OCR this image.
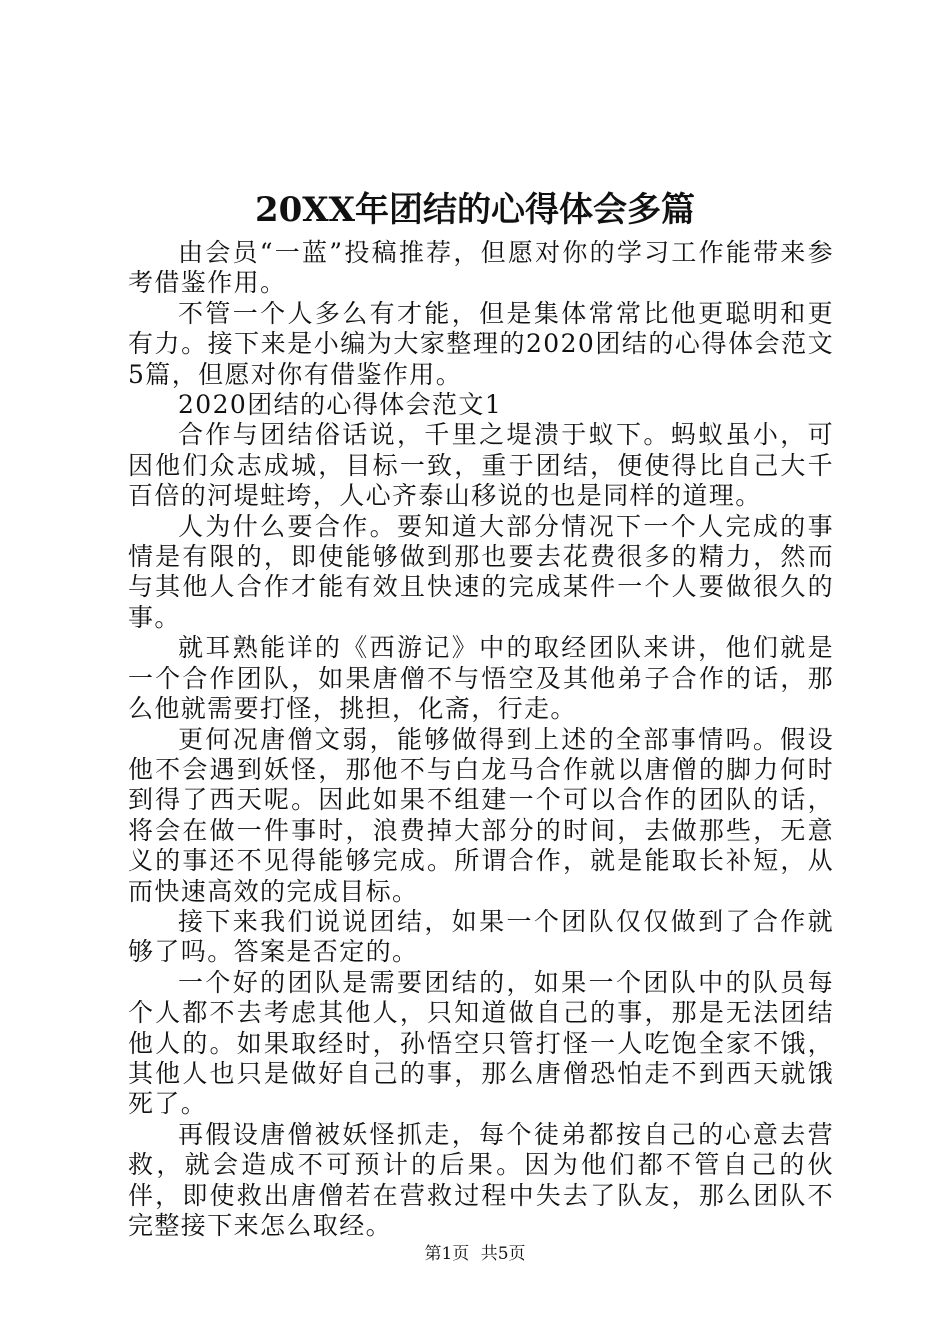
20XX年团结的心得体会多篇

由会员“一蓝”投稿推荐，但愿对你的学习工作能带来参考借鉴作用。

不管一个人多么有才能，但是集体常常比他更聪明和更有力。接下来是小编为大家整理的2020团结的心得体会范文5篇，但愿对你有借鉴作用。

2020团结的心得体会范文1

合作与团结俗话说，千里之堤溃于蚁下。蚂蚁虽小，可因他们众志成城，目标一致，重于团结，便使得比自己大千百倍的河堤蛀垮，人心齐泰山移说的也是同样的道理。

人为什么要合作。要知道大部分情况下一个人完成的事情是有限的，即使能够做到那也要去花费很多的精力，然而与其他人合作才能有效且快速的完成某件一个人要做很久的事。

就耳熟能详的《西游记》中的取经团队来讲，他们就是一个合作团队，如果唐僧不与悟空及其他弟子合作的话，那么他就需要打怪，挑担，化斋，行走。

更何况唐僧文弱，能够做得到上述的全部事情吗。假设他不会遇到妖怪，那他不与白龙马合作就以唐僧的脚力何时到得了西天呢。因此如果不组建一个可以合作的团队的话，将会在做一件事时，浪费掉大部分的时间，去做那些，无意义的事还不见得能够完成。所谓合作，就是能取长补短，从而快速高效的完成目标。

接下来我们说说团结，如果一个团队仅仅做到了合作就够了吗。答案是否定的。

一个好的团队是需要团结的，如果一个团队中的队员每个人都不去考虑其他人，只知道做自己的事，那是无法团结他人的。如果取经时，孙悟空只管打怪一人吃饱全家不饿，其他人也只是做好自己的事，那么唐僧恐怕走不到西天就饿死了。

再假设唐僧被妖怪抓走，每个徒弟都按自己的心意去营救，就会造成不可预计的后果。因为他们都不管自己的伙伴，即使救出唐僧若在营救过程中失去了队友，那么团队不完整接下来怎么取经。

第1页 共5页
